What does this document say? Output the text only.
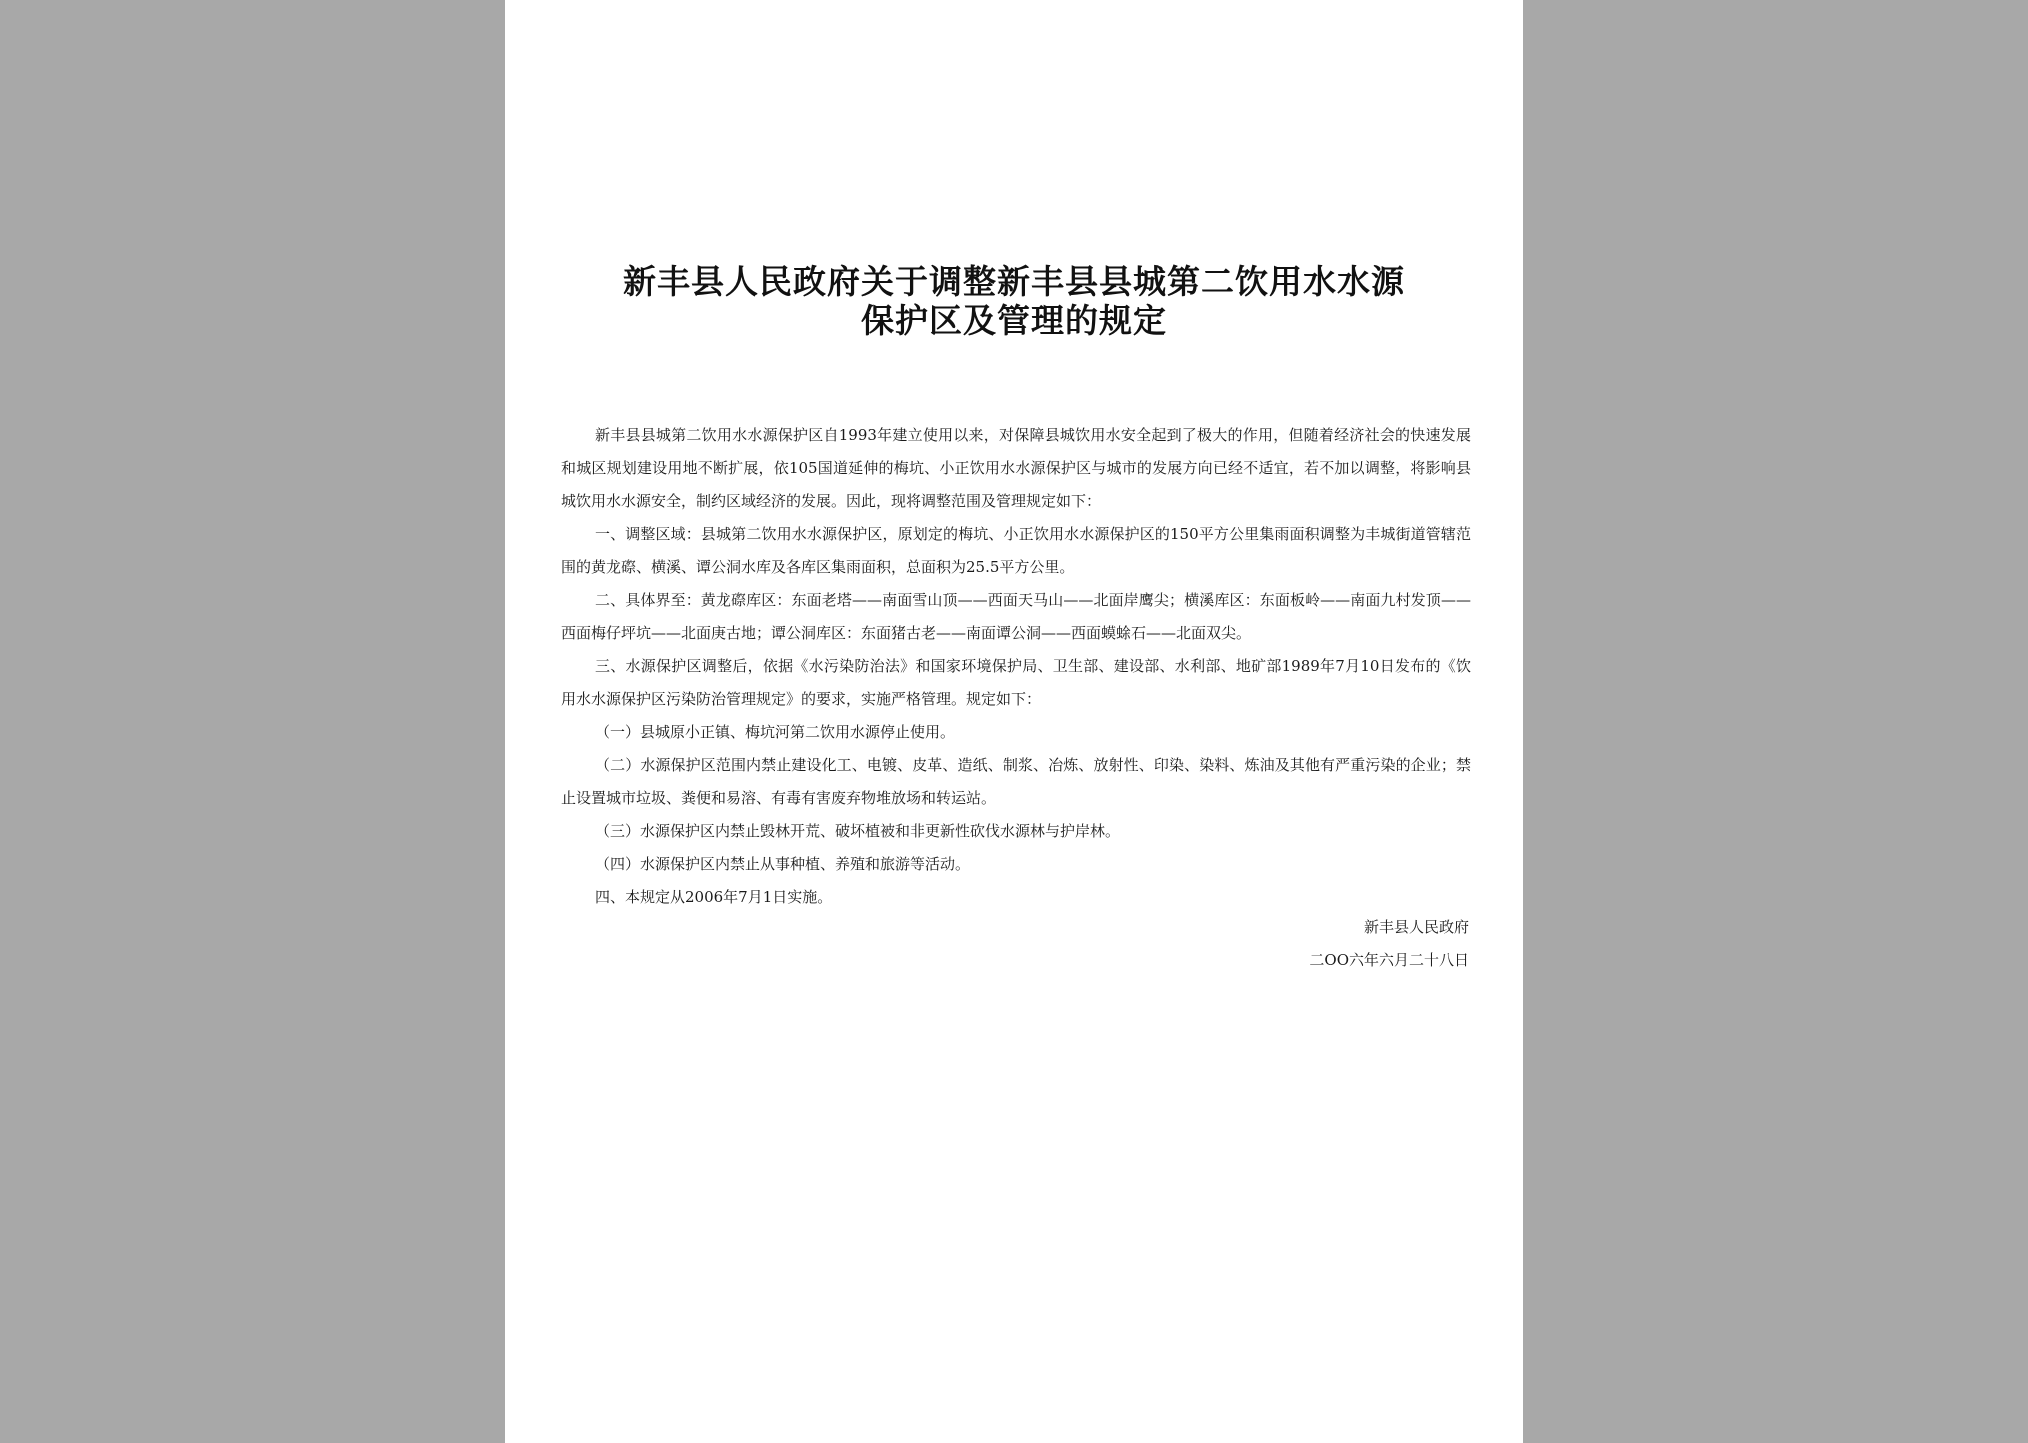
新丰县人民政府关于调整新丰县县城第二饮用水水源
保护区及管理的规定

新丰县县城第二饮用水水源保护区自1993年建立使用以来，对保障县城饮用水安全起到了极大的作用，但随着经济社会的快速发展和城区规划建设用地不断扩展，依105国道延伸的梅坑、小正饮用水水源保护区与城市的发展方向已经不适宜，若不加以调整，将影响县城饮用水水源安全，制约区域经济的发展。因此，现将调整范围及管理规定如下：

一、调整区域：县城第二饮用水水源保护区，原划定的梅坑、小正饮用水水源保护区的150平方公里集雨面积调整为丰城街道管辖范围的黄龙磜、横溪、谭公洞水库及各库区集雨面积，总面积为25.5平方公里。

二、具体界至：黄龙磜库区：东面老塔——南面雪山顶——西面天马山——北面岸鹰尖；横溪库区：东面板岭——南面九村发顶——西面梅仔坪坑——北面庚古地；谭公洞库区：东面猪古老——南面谭公洞——西面蟆蜍石——北面双尖。

三、水源保护区调整后，依据《水污染防治法》和国家环境保护局、卫生部、建设部、水利部、地矿部1989年7月10日发布的《饮用水水源保护区污染防治管理规定》的要求，实施严格管理。规定如下：

（一）县城原小正镇、梅坑河第二饮用水源停止使用。

（二）水源保护区范围内禁止建设化工、电镀、皮革、造纸、制浆、冶炼、放射性、印染、染料、炼油及其他有严重污染的企业；禁止设置城市垃圾、粪便和易溶、有毒有害废弃物堆放场和转运站。

（三）水源保护区内禁止毁林开荒、破坏植被和非更新性砍伐水源林与护岸林。

（四）水源保护区内禁止从事种植、养殖和旅游等活动。

四、本规定从2006年7月1日实施。

新丰县人民政府
二OO六年六月二十八日
